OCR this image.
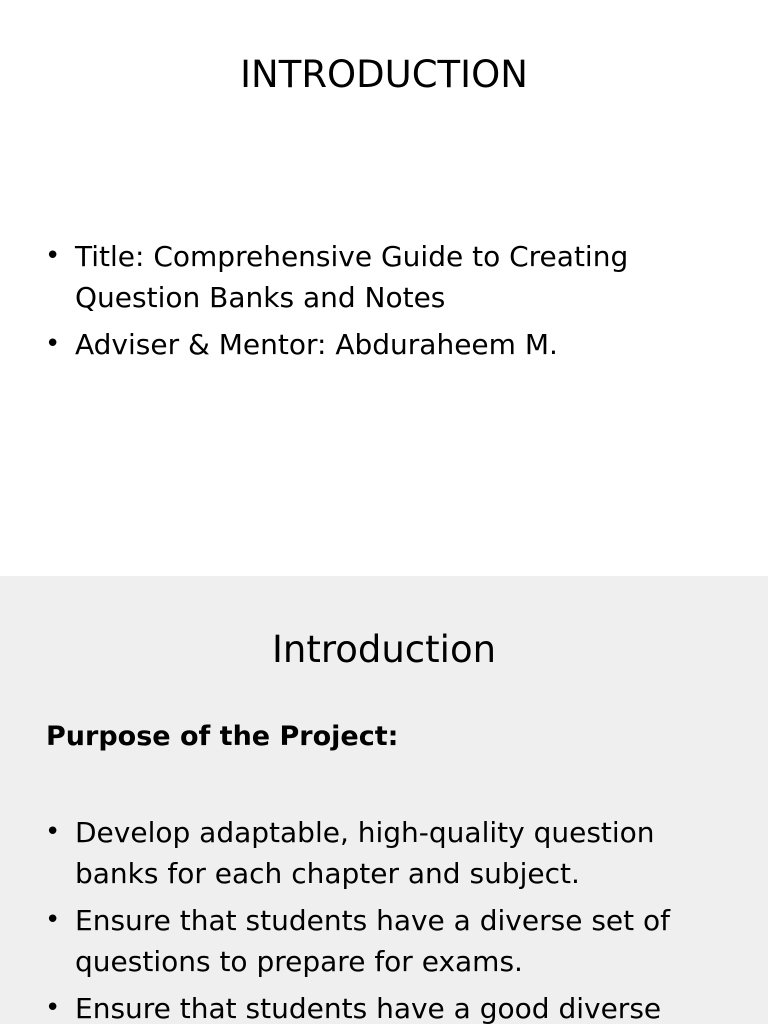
INTRODUCTION
• Title: Comprehensive Guide to Creating Question Banks and Notes
• Adviser & Mentor: Abduraheem M.
Introduction

Purpose of the Project:

• Develop adaptable, high-quality question banks for each chapter and subject.
• Ensure that students have a diverse set of questions to prepare for exams.
• Ensure that students have a good diverse
